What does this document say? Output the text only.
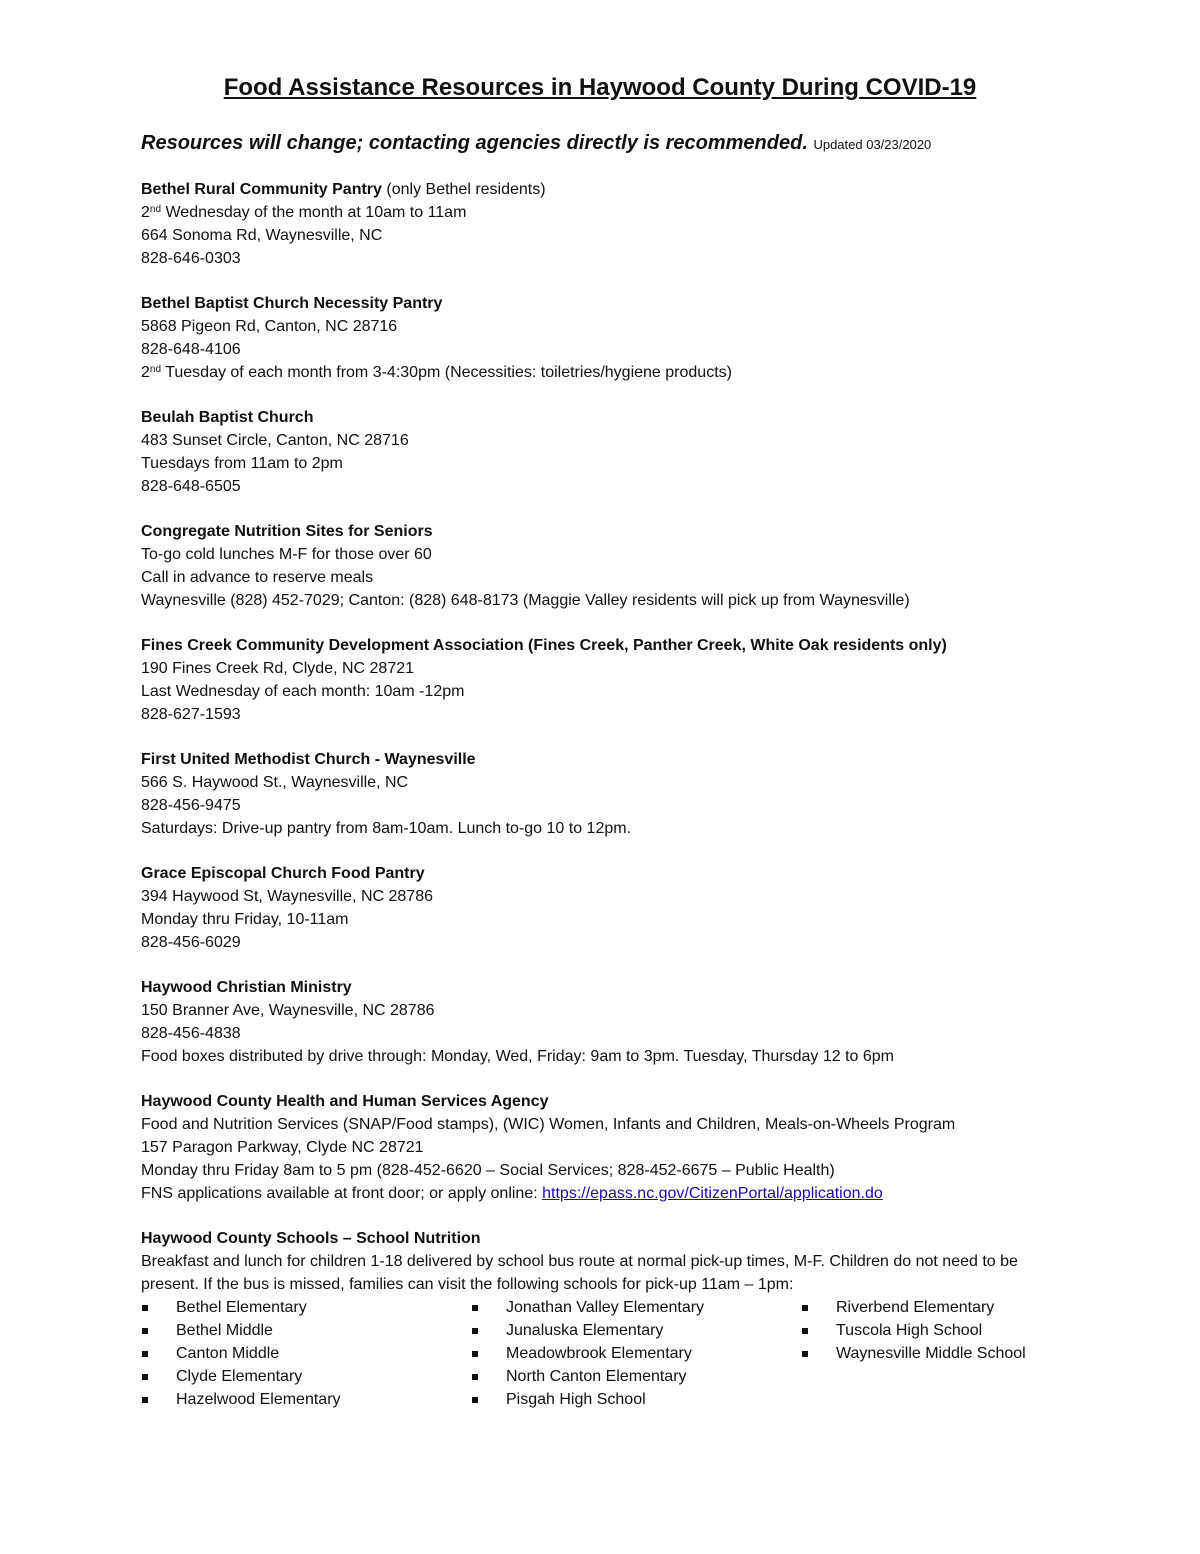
Food Assistance Resources in Haywood County During COVID-19

Resources will change; contacting agencies directly is recommended. Updated 03/23/2020

Bethel Rural Community Pantry (only Bethel residents)
2nd Wednesday of the month at 10am to 11am
664 Sonoma Rd, Waynesville, NC
828-646-0303
Bethel Baptist Church Necessity Pantry
5868 Pigeon Rd, Canton, NC 28716
828-648-4106
2nd Tuesday of each month from 3-4:30pm (Necessities: toiletries/hygiene products)
Beulah Baptist Church
483 Sunset Circle, Canton, NC 28716
Tuesdays from 11am to 2pm
828-648-6505
Congregate Nutrition Sites for Seniors
To-go cold lunches M-F for those over 60
Call in advance to reserve meals
Waynesville (828) 452-7029; Canton: (828) 648-8173 (Maggie Valley residents will pick up from Waynesville)
Fines Creek Community Development Association (Fines Creek, Panther Creek, White Oak residents only)
190 Fines Creek Rd, Clyde, NC 28721
Last Wednesday of each month: 10am -12pm
828-627-1593
First United Methodist Church - Waynesville
566 S. Haywood St., Waynesville, NC
828-456-9475
Saturdays: Drive-up pantry from 8am-10am. Lunch to-go 10 to 12pm.
Grace Episcopal Church Food Pantry
394 Haywood St, Waynesville, NC 28786
Monday thru Friday, 10-11am
828-456-6029
Haywood Christian Ministry
150 Branner Ave, Waynesville, NC 28786
828-456-4838
Food boxes distributed by drive through: Monday, Wed, Friday: 9am to 3pm. Tuesday, Thursday 12 to 6pm
Haywood County Health and Human Services Agency
Food and Nutrition Services (SNAP/Food stamps), (WIC) Women, Infants and Children, Meals-on-Wheels Program
157 Paragon Parkway, Clyde NC 28721
Monday thru Friday 8am to 5 pm (828-452-6620 – Social Services; 828-452-6675 – Public Health)
FNS applications available at front door; or apply online: https://epass.nc.gov/CitizenPortal/application.do
Haywood County Schools – School Nutrition
Breakfast and lunch for children 1-18 delivered by school bus route at normal pick-up times, M-F. Children do not need to be present. If the bus is missed, families can visit the following schools for pick-up 11am – 1pm:
Bethel Elementary
Bethel Middle
Canton Middle
Clyde Elementary
Hazelwood Elementary
Jonathan Valley Elementary
Junaluska Elementary
Meadowbrook Elementary
North Canton Elementary
Pisgah High School
Riverbend Elementary
Tuscola High School
Waynesville Middle School
